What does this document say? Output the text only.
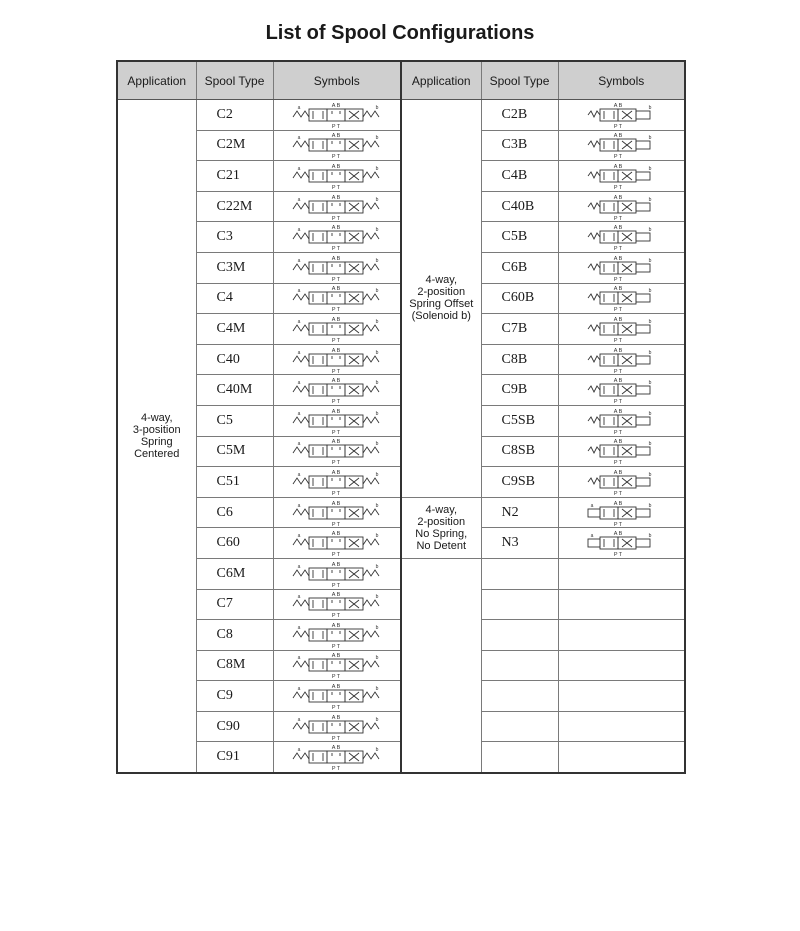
List of Spool Configurations
Application	Spool Type	Symbols	Application	Spool Type	Symbols

4-way,
3-position
Spring Centered	C2	a b
A B
P T	4-way,
2-position
Spring Offset
(Solenoid b)	C2B	b
A B
P T

	C2M	a b
A B
P T		C3B	b
A B
P T

	C21	a b
A B
P T		C4B	b
A B
P T

	C22M	a b
A B
P T		C40B	b
A B
P T

	C3	a b
A B
P T		C5B	b
A B
P T

	C3M	a b
A B
P T		C6B	b
A B
P T

	C4	a b
A B
P T		C60B	b
A B
P T

	C4M	a b
A B
P T		C7B	b
A B
P T

	C40	a b
A B
P T		C8B	b
A B
P T

	C40M	a b
A B
P T		C9B	b
A B
P T

	C5	a b
A B
P T		C5SB	b
A B
P T

	C5M	a b
A B
P T		C8SB	b
A B
P T

	C51	a b
A B
P T		C9SB	b
A B
P T

	C6	a b
A B
P T	4-way,
2-position
No Spring,
No Detent	N2	a b
A B
P T

	C60	a b
A B
P T		N3	a b
A B
P T

	C6M	a b
A B
P T			

	C7	a b
A B
P T			

	C8	a b
A B
P T			

	C8M	a b
A B
P T			

	C9	a b
A B
P T			

	C90	a b
A B
P T			

	C91	a b
A B
P T			
